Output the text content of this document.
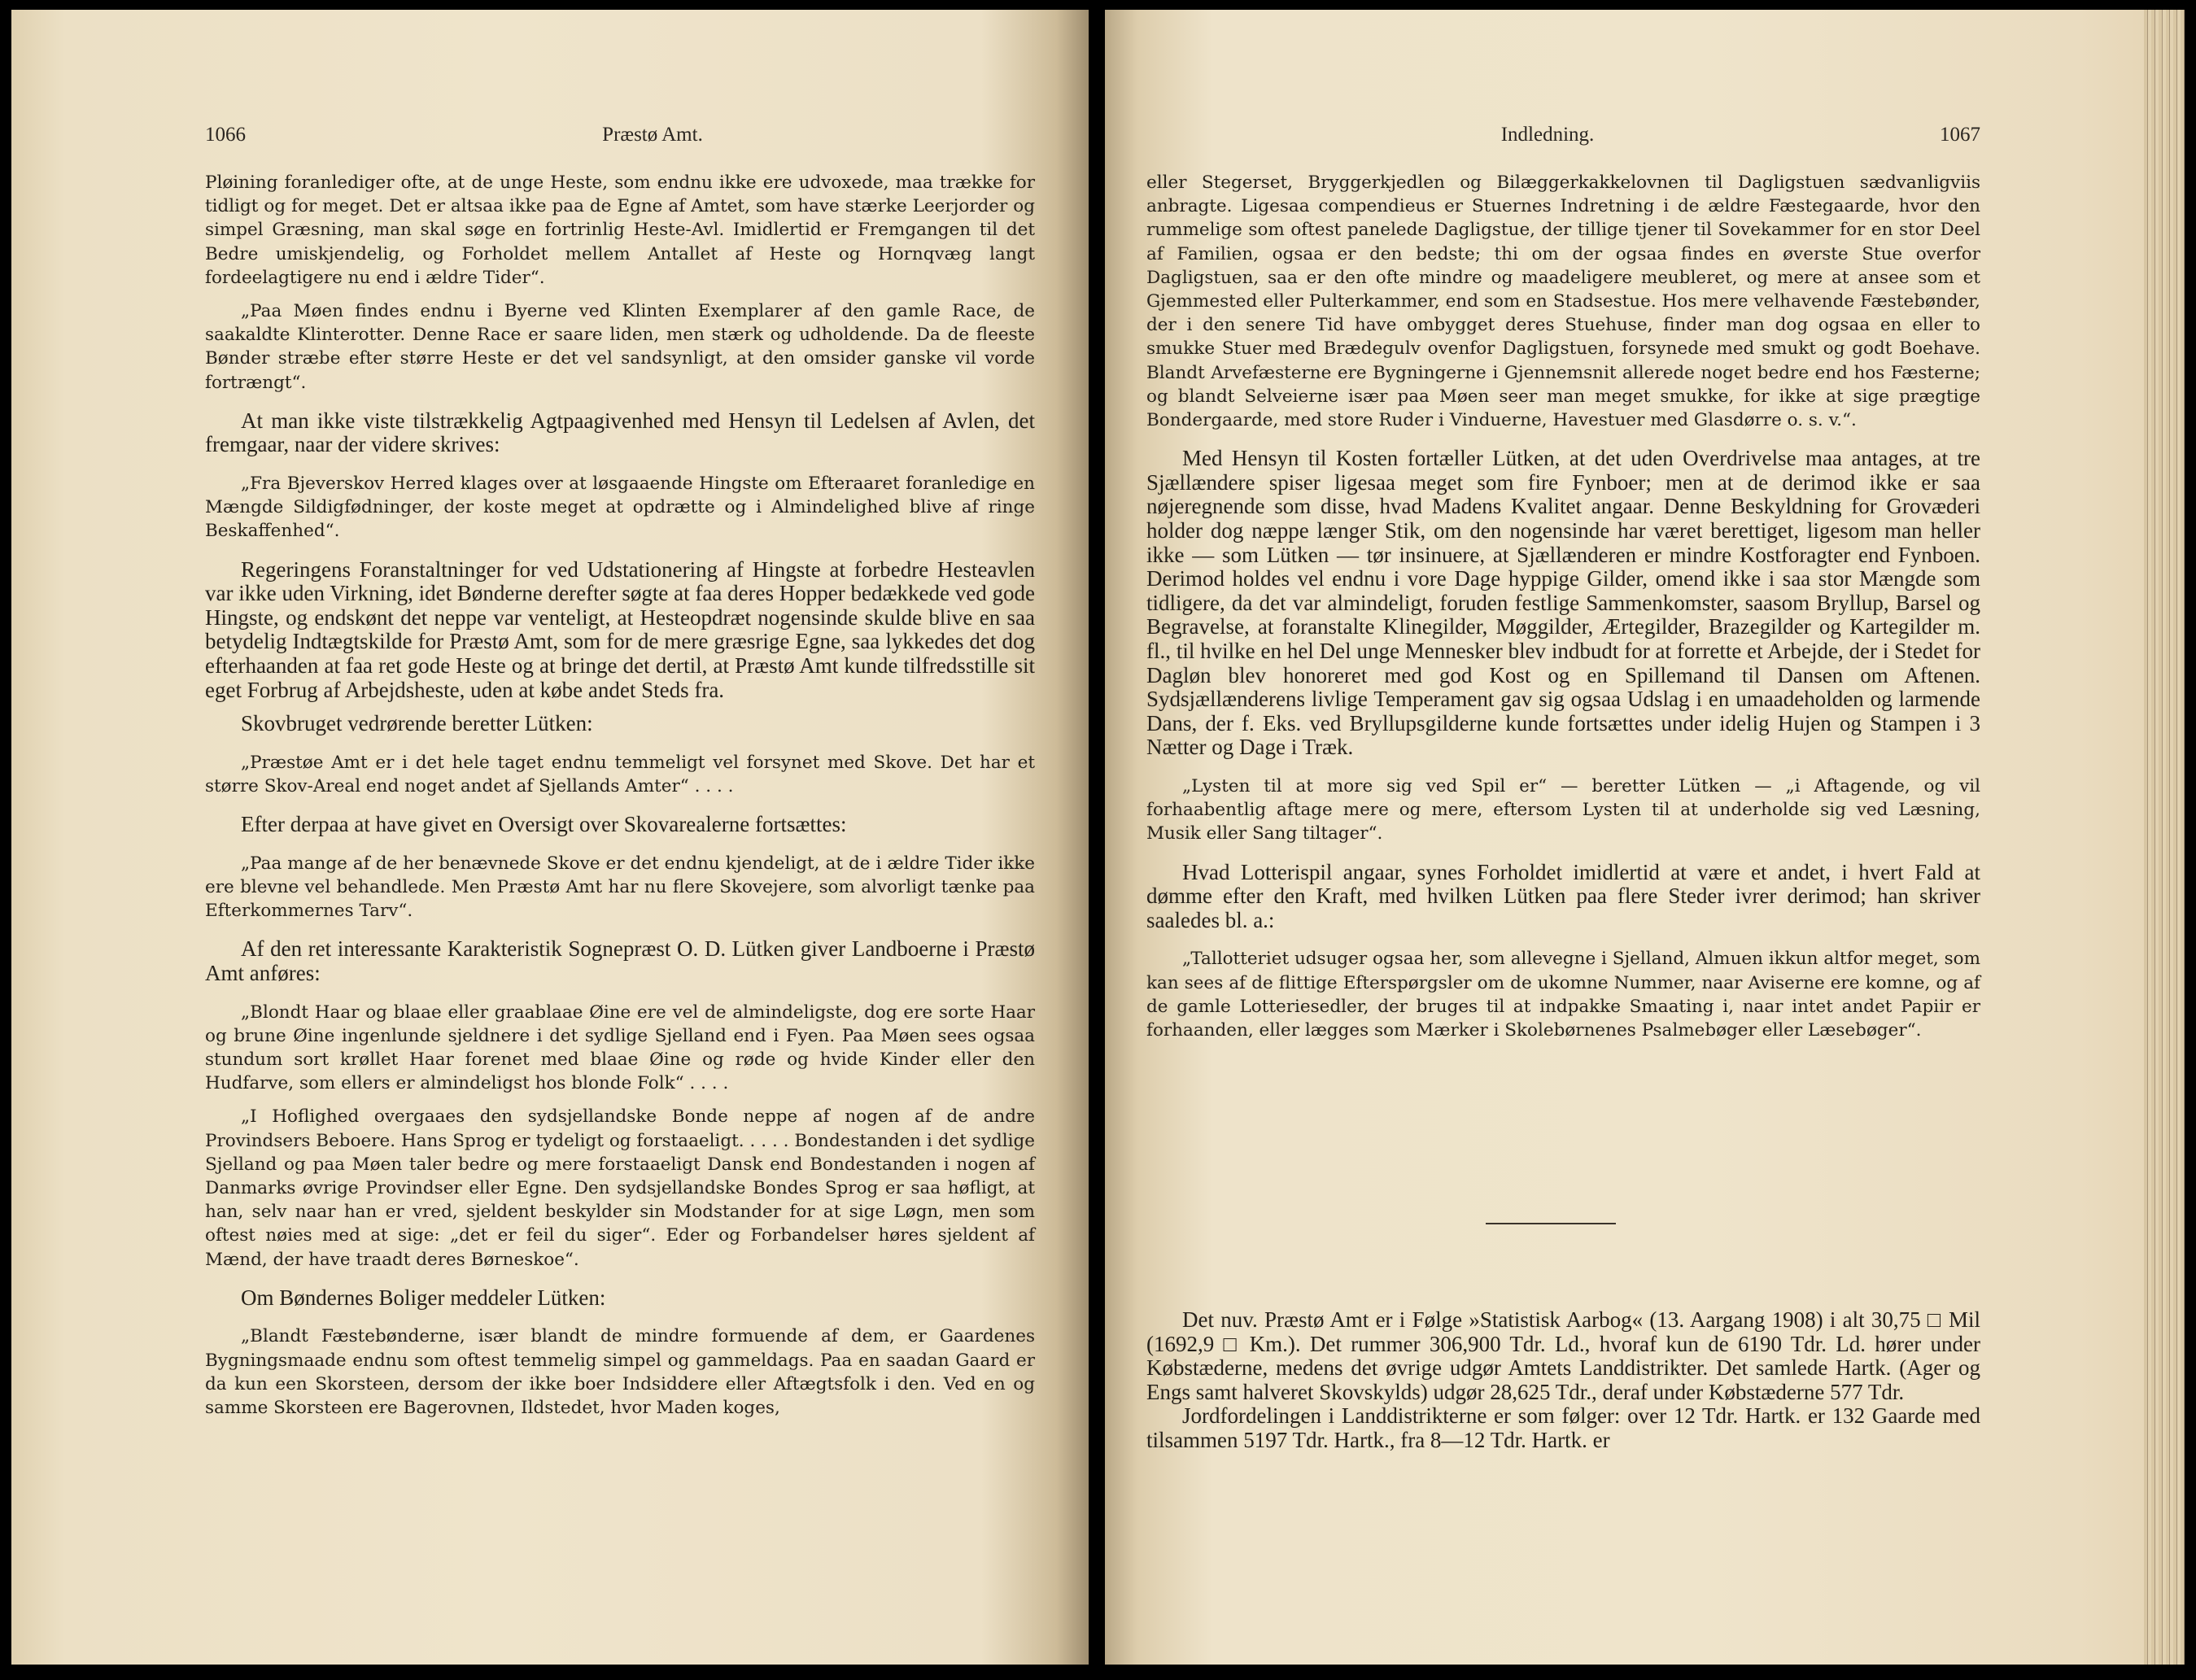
1066	Præstø Amt.

Pløining foranlediger ofte, at de unge Heste, som endnu ikke ere udvoxede, maa trække for tidligt og for meget. Det er altsaa ikke paa de Egne af Amtet, som have stærke Leerjorder og simpel Græsning, man skal søge en fortrinlig Heste-Avl. Imidlertid er Fremgangen til det Bedre umiskjendelig, og Forholdet mellem Antallet af Heste og Hornqvæg langt fordeelagtigere nu end i ældre Tider“.

„Paa Møen findes endnu i Byerne ved Klinten Exemplarer af den gamle Race, de saakaldte Klinterotter. Denne Race er saare liden, men stærk og udholdende. Da de fleeste Bønder stræbe efter større Heste er det vel sandsynligt, at den omsider ganske vil vorde fortrængt“.

At man ikke viste tilstrækkelig Agtpaagivenhed med Hensyn til Ledelsen af Avlen, det fremgaar, naar der videre skrives:

„Fra Bjeverskov Herred klages over at løsgaaende Hingste om Efteraaret foranledige en Mængde Sildigfødninger, der koste meget at opdrætte og i Almindelighed blive af ringe Beskaffenhed“.

Regeringens Foranstaltninger for ved Udstationering af Hingste at forbedre Hesteavlen var ikke uden Virkning, idet Bønderne derefter søgte at faa deres Hopper bedækkede ved gode Hingste, og endskønt det neppe var venteligt, at Hesteopdræt nogensinde skulde blive en saa betydelig Indtægtskilde for Præstø Amt, som for de mere græsrige Egne, saa lykkedes det dog efterhaanden at faa ret gode Heste og at bringe det dertil, at Præstø Amt kunde tilfredsstille sit eget Forbrug af Arbejdsheste, uden at købe andet Steds fra.

Skovbruget vedrørende beretter Lütken:

„Præstøe Amt er i det hele taget endnu temmeligt vel forsynet med Skove. Det har et større Skov-Areal end noget andet af Sjellands Amter“ . . . .

Efter derpaa at have givet en Oversigt over Skovarealerne fortsættes:

„Paa mange af de her benævnede Skove er det endnu kjendeligt, at de i ældre Tider ikke ere blevne vel behandlede. Men Præstø Amt har nu flere Skovejere, som alvorligt tænke paa Efterkommernes Tarv“.

Af den ret interessante Karakteristik Sognepræst O. D. Lütken giver Landboerne i Præstø Amt anføres:

„Blondt Haar og blaae eller graablaae Øine ere vel de almindeligste, dog ere sorte Haar og brune Øine ingenlunde sjeldnere i det sydlige Sjelland end i Fyen. Paa Møen sees ogsaa stundum sort krøllet Haar forenet med blaae Øine og røde og hvide Kinder eller den Hudfarve, som ellers er almindeligst hos blonde Folk“ . . . .

„I Hoflighed overgaaes den sydsjellandske Bonde neppe af nogen af de andre Provindsers Beboere. Hans Sprog er tydeligt og forstaaeligt. . . . . Bondestanden i det sydlige Sjelland og paa Møen taler bedre og mere forstaaeligt Dansk end Bondestanden i nogen af Danmarks øvrige Provindser eller Egne. Den sydsjellandske Bondes Sprog er saa høfligt, at han, selv naar han er vred, sjeldent beskylder sin Modstander for at sige Løgn, men som oftest nøies med at sige: „det er feil du siger“. Eder og Forbandelser høres sjeldent af Mænd, der have traadt deres Børneskoe“.

Om Bøndernes Boliger meddeler Lütken:

„Blandt Fæstebønderne, især blandt de mindre formuende af dem, er Gaardenes Bygningsmaade endnu som oftest temmelig simpel og gammeldags. Paa en saadan Gaard er da kun een Skorsteen, dersom der ikke boer Indsiddere eller Aftægtsfolk i den. Ved en og samme Skorsteen ere Bagerovnen, Ildstedet, hvor Maden koges,

Indledning.	1067

eller Stegerset, Bryggerkjedlen og Bilæggerkakkelovnen til Dagligstuen sædvanligviis anbragte. Ligesaa compendieus er Stuernes Indretning i de ældre Fæstegaarde, hvor den rummelige som oftest panelede Dagligstue, der tillige tjener til Sovekammer for en stor Deel af Familien, ogsaa er den bedste; thi om der ogsaa findes en øverste Stue overfor Dagligstuen, saa er den ofte mindre og maadeligere meubleret, og mere at ansee som et Gjemmested eller Pulterkammer, end som en Stadsestue. Hos mere velhavende Fæstebønder, der i den senere Tid have ombygget deres Stuehuse, finder man dog ogsaa en eller to smukke Stuer med Brædegulv ovenfor Dagligstuen, forsynede med smukt og godt Boehave. Blandt Arvefæsterne ere Bygningerne i Gjennemsnit allerede noget bedre end hos Fæsterne; og blandt Selveierne især paa Møen seer man meget smukke, for ikke at sige prægtige Bondergaarde, med store Ruder i Vinduerne, Havestuer med Glasdørre o. s. v.“.

Med Hensyn til Kosten fortæller Lütken, at det uden Overdrivelse maa antages, at tre Sjællændere spiser ligesaa meget som fire Fynboer; men at de derimod ikke er saa nøjeregnende som disse, hvad Madens Kvalitet angaar. Denne Beskyldning for Grovæderi holder dog næppe længer Stik, om den nogensinde har været berettiget, ligesom man heller ikke — som Lütken — tør insinuere, at Sjællænderen er mindre Kostforagter end Fynboen. Derimod holdes vel endnu i vore Dage hyppige Gilder, omend ikke i saa stor Mængde som tidligere, da det var almindeligt, foruden festlige Sammenkomster, saasom Bryllup, Barsel og Begravelse, at foranstalte Klinegilder, Møggilder, Ærtegilder, Brazegilder og Kartegilder m. fl., til hvilke en hel Del unge Mennesker blev indbudt for at forrette et Arbejde, der i Stedet for Dagløn blev honoreret med god Kost og en Spillemand til Dansen om Aftenen. Sydsjællænderens livlige Temperament gav sig ogsaa Udslag i en umaadeholden og larmende Dans, der f. Eks. ved Bryllupsgilderne kunde fortsættes under idelig Hujen og Stampen i 3 Nætter og Dage i Træk.

„Lysten til at more sig ved Spil er“ — beretter Lütken — „i Aftagende, og vil forhaabentlig aftage mere og mere, eftersom Lysten til at underholde sig ved Læsning, Musik eller Sang tiltager“.

Hvad Lotterispil angaar, synes Forholdet imidlertid at være et andet, i hvert Fald at dømme efter den Kraft, med hvilken Lütken paa flere Steder ivrer derimod; han skriver saaledes bl. a.:

„Tallotteriet udsuger ogsaa her, som allevegne i Sjelland, Almuen ikkun altfor meget, som kan sees af de flittige Efterspørgsler om de ukomne Nummer, naar Aviserne ere komne, og af de gamle Lotteriesedler, der bruges til at indpakke Smaating i, naar intet andet Papiir er forhaanden, eller lægges som Mærker i Skolebørnenes Psalmebøger eller Læsebøger“.

Det nuv. Præstø Amt er i Følge »Statistisk Aarbog« (13. Aargang 1908) i alt 30,75 □ Mil (1692,9 □ Km.). Det rummer 306,900 Tdr. Ld., hvoraf kun de 6190 Tdr. Ld. hører under Købstæderne, medens det øvrige udgør Amtets Landdistrikter. Det samlede Hartk. (Ager og Engs samt halveret Skovskylds) udgør 28,625 Tdr., deraf under Købstæderne 577 Tdr.

Jordfordelingen i Landdistrikterne er som følger: over 12 Tdr. Hartk. er 132 Gaarde med tilsammen 5197 Tdr. Hartk., fra 8—12 Tdr. Hartk. er
